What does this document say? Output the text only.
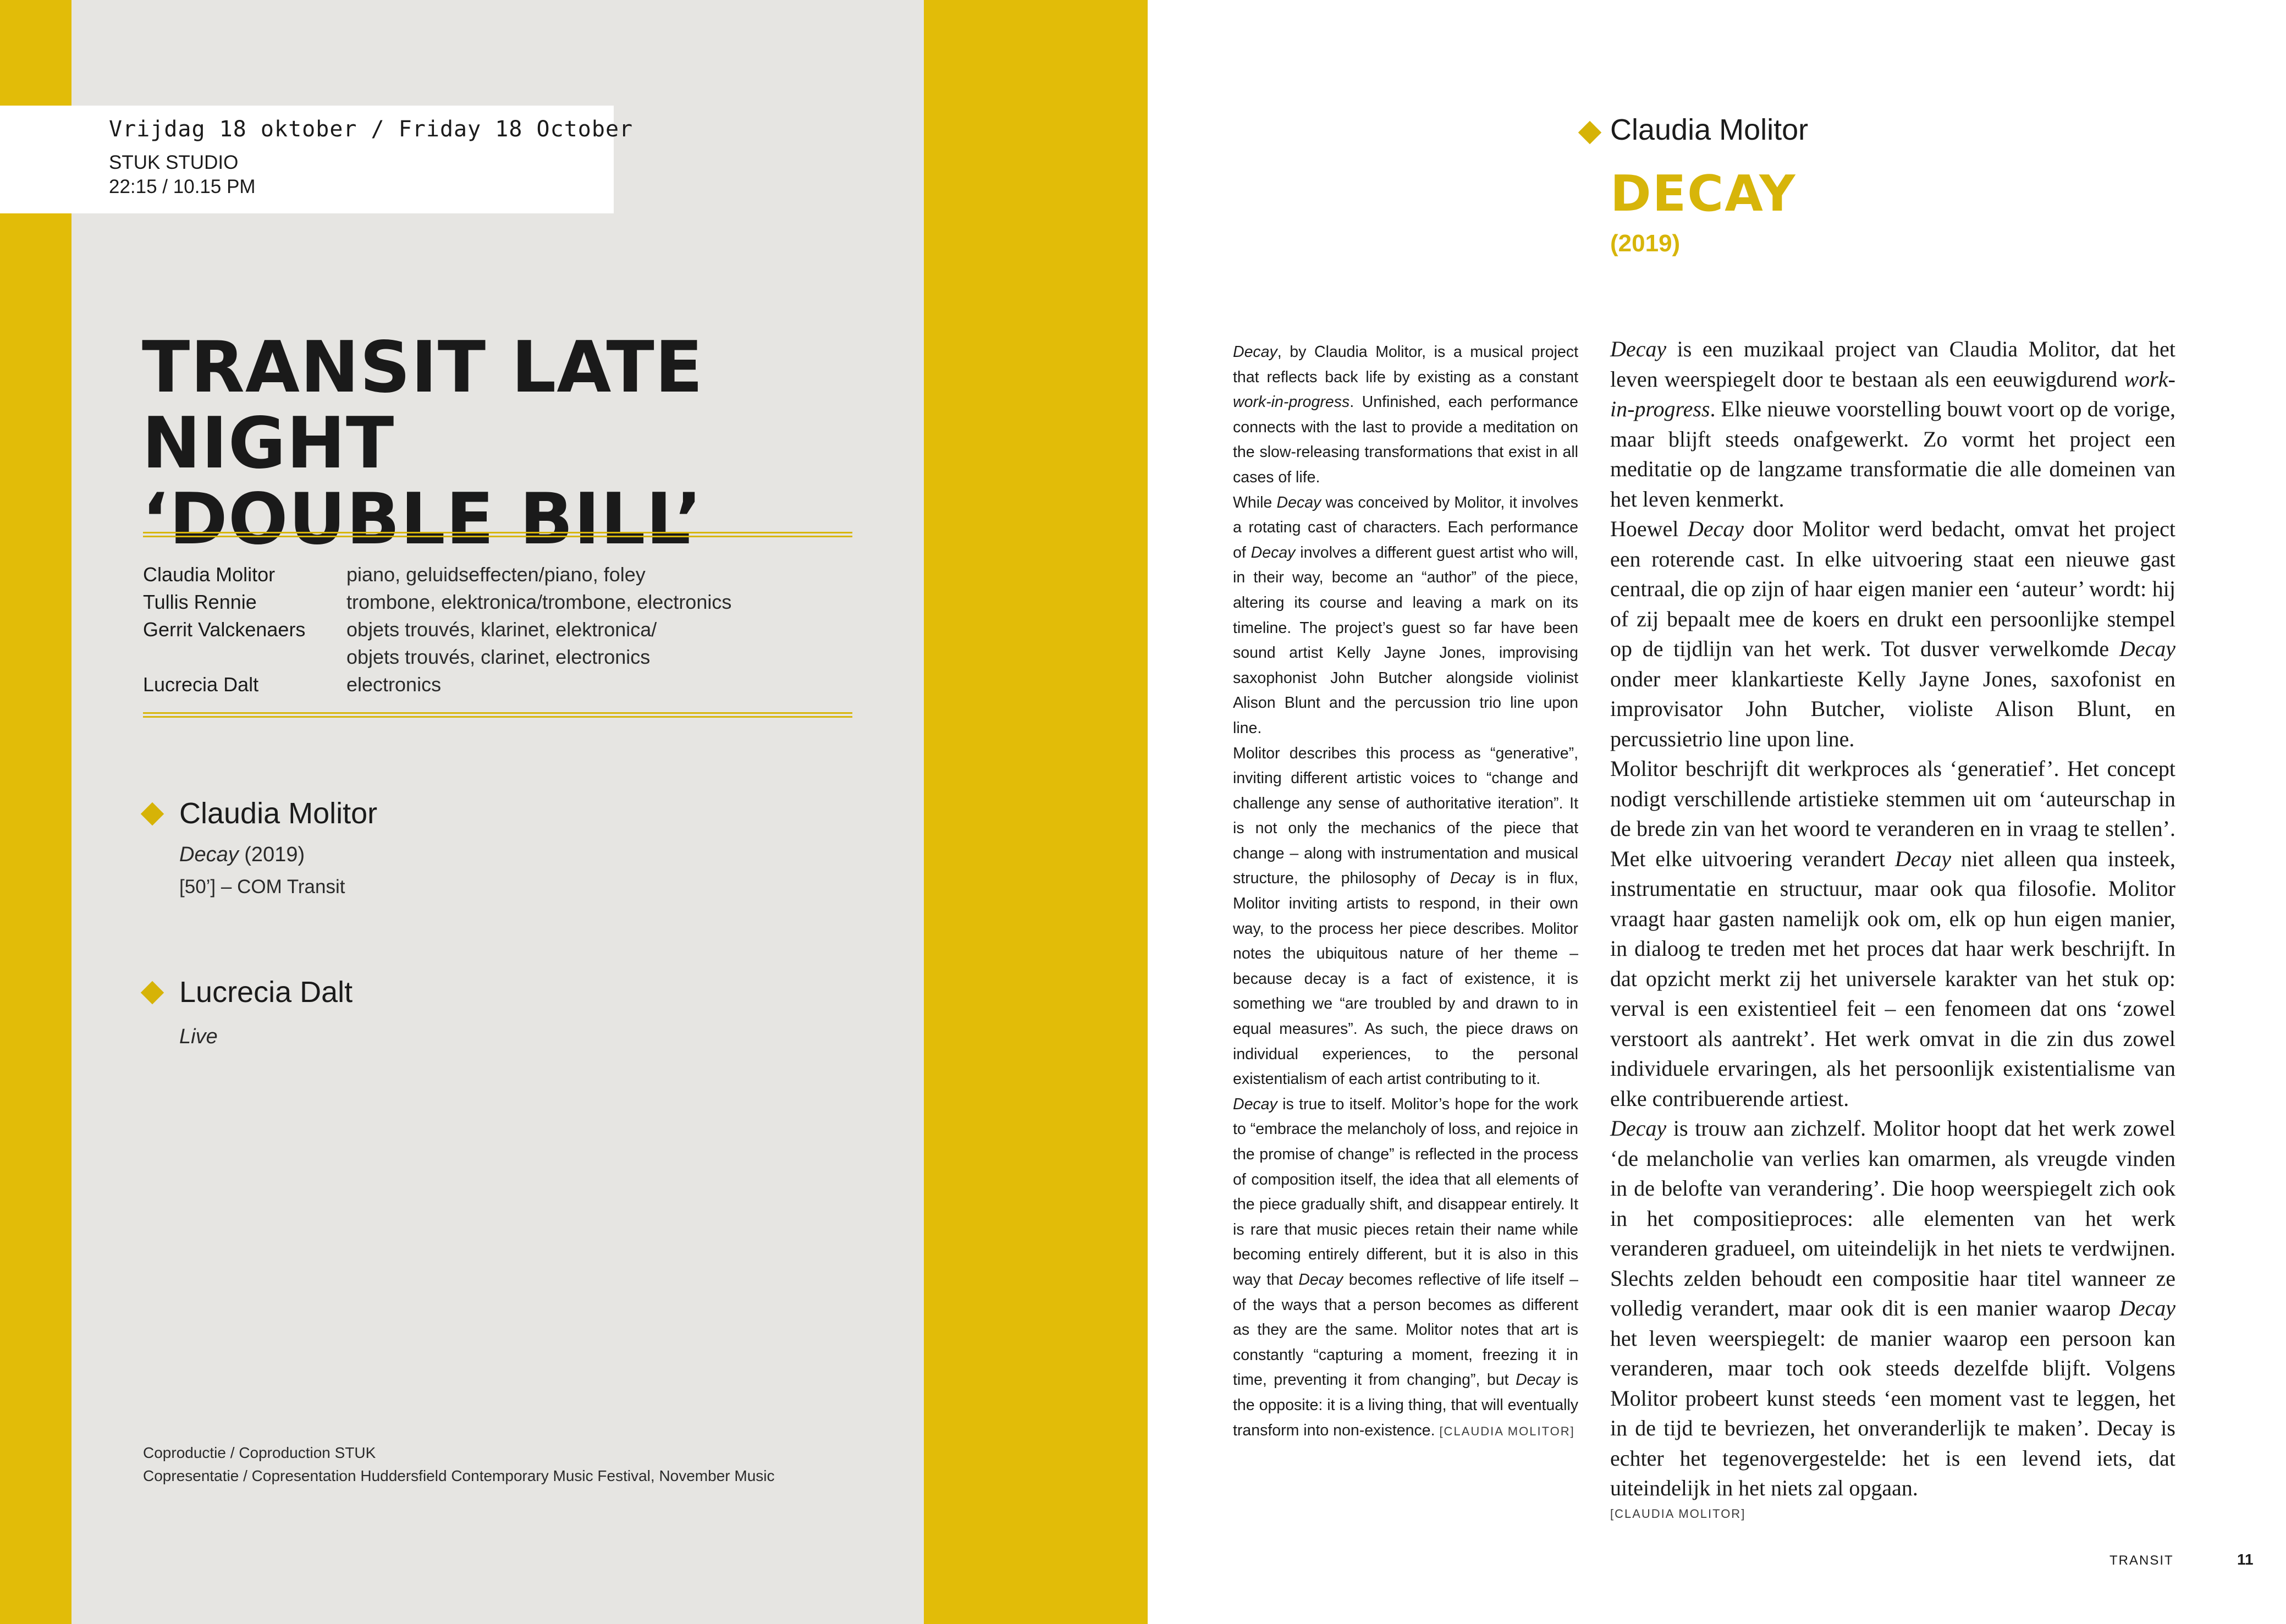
Vrijdag 18 oktober / Friday 18 October
STUK STUDIO
22:15 / 10.15 PM
TRANSIT LATE NIGHT
‘DOUBLE BILL’
Claudia Molitor	piano, geluidseffecten/piano, foley
Tullis Rennie	trombone, elektronica/trombone, electronics
Gerrit Valckenaers objets trouvés, klarinet, elektronica/
objets trouvés, clarinet, electronics
Lucrecia Dalt	electronics
Claudia Molitor
Decay (2019)
[50’] – COM Transit
Lucrecia Dalt
Live
Coproductie / Coproduction STUK
Copresentatie / Copresentation Huddersfield Contemporary Music Festival, November Music
Claudia Molitor
DECAY
(2019)
Decay, by Claudia Molitor, is a musical project that reflects back life by existing as a constant work-in-progress. Unfinished, each performance connects with the last to provide a meditation on the slow-releasing transformations that exist in all cases of life.
While Decay was conceived by Molitor, it involves a rotating cast of characters. Each performance of Decay involves a different guest artist who will, in their way, become an “author” of the piece, altering its course and leaving a mark on its timeline. The project’s guest so far have been sound artist Kelly Jayne Jones, improvising saxophonist John Butcher alongside violinist Alison Blunt and the percussion trio line upon line.
Molitor describes this process as “generative”, inviting different artistic voices to “change and challenge any sense of authoritative iteration”. It is not only the mechanics of the piece that change – along with instrumentation and musical structure, the philosophy of Decay is in flux, Molitor inviting artists to respond, in their own way, to the process her piece describes. Molitor notes the ubiquitous nature of her theme – because decay is a fact of existence, it is something we “are troubled by and drawn to in equal measures”. As such, the piece draws on individual experiences, to the personal existentialism of each artist contributing to it.
Decay is true to itself. Molitor’s hope for the work to “embrace the melancholy of loss, and rejoice in the promise of change” is reflected in the process of composition itself, the idea that all elements of the piece gradually shift, and disappear entirely. It is rare that music pieces retain their name while becoming entirely different, but it is also in this way that Decay becomes reflective of life itself – of the ways that a person becomes as different as they are the same. Molitor notes that art is constantly “capturing a moment, freezing it in time, preventing it from changing”, but Decay is the opposite: it is a living thing, that will eventually transform into non-existence. [CLAUDIA MOLITOR]
Decay is een muzikaal project van Claudia Molitor, dat het leven weerspiegelt door te bestaan als een eeuwigdurend work-in-progress. Elke nieuwe voorstelling bouwt voort op de vorige, maar blijft steeds onafgewerkt. Zo vormt het project een meditatie op de langzame transformatie die alle domeinen van het leven kenmerkt.
Hoewel Decay door Molitor werd bedacht, omvat het project een roterende cast. In elke uitvoering staat een nieuwe gast centraal, die op zijn of haar eigen manier een ‘auteur’ wordt: hij of zij bepaalt mee de koers en drukt een persoonlijke stempel op de tijdlijn van het werk. Tot dusver verwelkomde Decay onder meer klankartieste Kelly Jayne Jones, saxofonist en improvisator John Butcher, violiste Alison Blunt, en percussietrio line upon line.
Molitor beschrijft dit werkproces als ‘generatief’. Het concept nodigt verschillende artistieke stemmen uit om ‘auteurschap in de brede zin van het woord te veranderen en in vraag te stellen’. Met elke uitvoering verandert Decay niet alleen qua insteek, instrumentatie en structuur, maar ook qua filosofie. Molitor vraagt haar gasten namelijk ook om, elk op hun eigen manier, in dialoog te treden met het proces dat haar werk beschrijft. In dat opzicht merkt zij het universele karakter van het stuk op: verval is een existentieel feit – een fenomeen dat ons ‘zowel verstoort als aantrekt’. Het werk omvat in die zin dus zowel individuele ervaringen, als het persoonlijk existentialisme van elke contribuerende artiest.
Decay is trouw aan zichzelf. Molitor hoopt dat het werk zowel ‘de melancholie van verlies kan omarmen, als vreugde vinden in de belofte van verandering’. Die hoop weerspiegelt zich ook in het compositieproces: alle elementen van het werk veranderen gradueel, om uiteindelijk in het niets te verdwijnen. Slechts zelden behoudt een compositie haar titel wanneer ze volledig verandert, maar ook dit is een manier waarop Decay het leven weerspiegelt: de manier waarop een persoon kan veranderen, maar toch ook steeds dezelfde blijft. Volgens Molitor probeert kunst steeds ‘een moment vast te leggen, het in de tijd te bevriezen, het onveranderlijk te maken’. Decay is echter het tegenovergestelde: het is een levend iets, dat uiteindelijk in het niets zal opgaan.
[CLAUDIA MOLITOR]
TRANSIT	11
